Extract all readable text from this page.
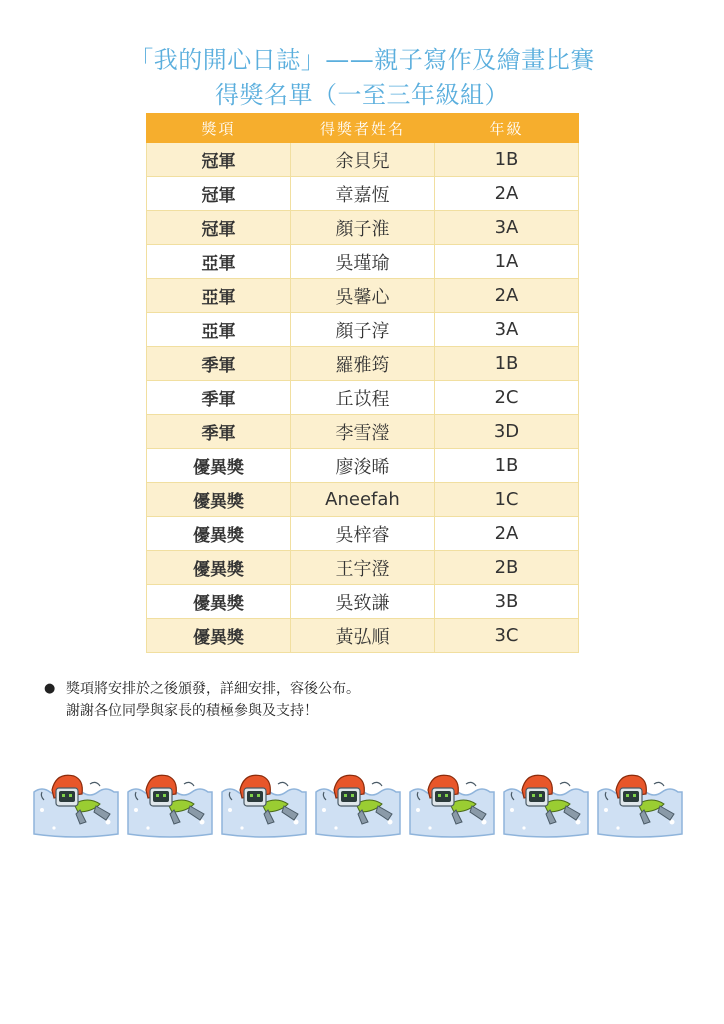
「我的開心日誌」——親子寫作及繪畫比賽
得獎名單（一至三年級組）
獎項	得獎者姓名	年級
冠軍	余貝兒	1B
冠軍	章嘉恆	2A
冠軍	顏子淮	3A
亞軍	吳瑾瑜	1A
亞軍	吳馨心	2A
亞軍	顏子淳	3A
季軍	羅雅筠	1B
季軍	丘苡程	2C
季軍	李雪瀅	3D
優異獎	廖浚晞	1B
優異獎	Aneefah	1C
優異獎	吳梓睿	2A
優異獎	王宇澄	2B
優異獎	吳致謙	3B
優異獎	黃弘順	3C
● 獎項將安排於之後頒發，詳細安排，容後公布。
謝謝各位同學與家長的積極參與及支持！
